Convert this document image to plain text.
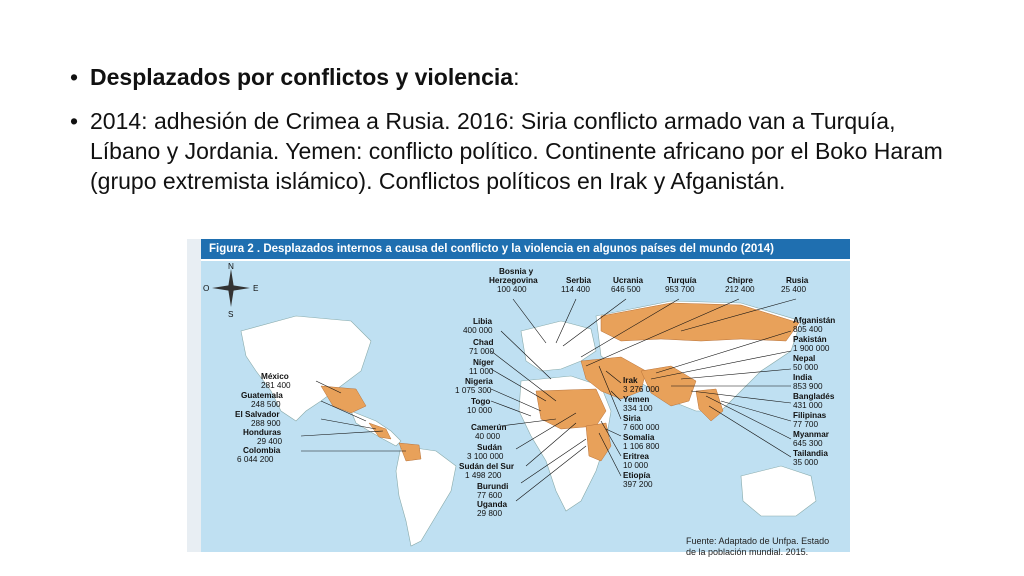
• Desplazados por conflictos y violencia:
• 2014: adhesión de Crimea a Rusia. 2016: Siria conflicto armado van a Turquía, Líbano y Jordania. Yemen: conflicto político. Continente africano por el Boko Haram (grupo extremista islámico). Conflictos políticos en Irak y Afganistán.
Figura 2 . Desplazados internos a causa del conflicto y la violencia en algunos países del mundo (2014)
N
S
E
O
Bosnia y
Herzegovina
100 400
Serbia
114 400
Ucrania
646 500
Turquía
953 700
Chipre
212 400
Rusia
25 400
Libia
400 000
Chad
71 000
Níger
11 000
Nigeria
1 075 300
Togo
10 000
Camerún
40 000
Sudán
3 100 000
Sudán del Sur
1 498 200
Burundi
77 600
Uganda
29 800
México
281 400
Guatemala
248 500
El Salvador
288 900
Honduras
29 400
Colombia
6 044 200
Afganistán
805 400
Pakistán
1 900 000
Nepal
50 000
India
853 900
Bangladés
431 000
Filipinas
77 700
Myanmar
645 300
Tailandia
35 000
Irak
3 276 000
Yemen
334 100
Siria
7 600 000
Somalia
1 106 800
Eritrea
10 000
Etiopía
397 200
Fuente: Adaptado de Unfpa. Estado
de la población mundial. 2015.
